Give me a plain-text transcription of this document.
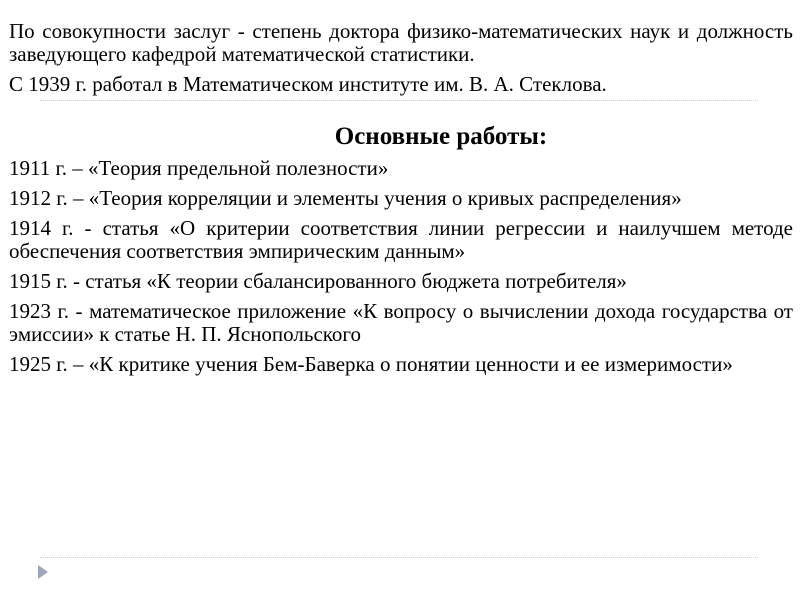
По совокупности заслуг - степень доктора физико-математических наук и должность заведующего кафедрой математической статистики.

С 1939 г. работал в Математическом институте им. В. А. Стеклова.

Основные работы:
1911 г. – «Теория предельной полезности»
1912 г. – «Теория корреляции и элементы учения о кривых распределения»
1914 г. - статья «О критерии соответствия линии регрессии и наилучшем методе обеспечения соответствия эмпирическим данным»
1915 г. - статья «К теории сбалансированного бюджета потребителя»
1923 г. - математическое приложение «К вопросу о вычислении дохода государства от эмиссии» к статье Н. П. Яснопольского
1925 г. – «К критике учения Бем-Баверка о понятии ценности и ее измеримости»
